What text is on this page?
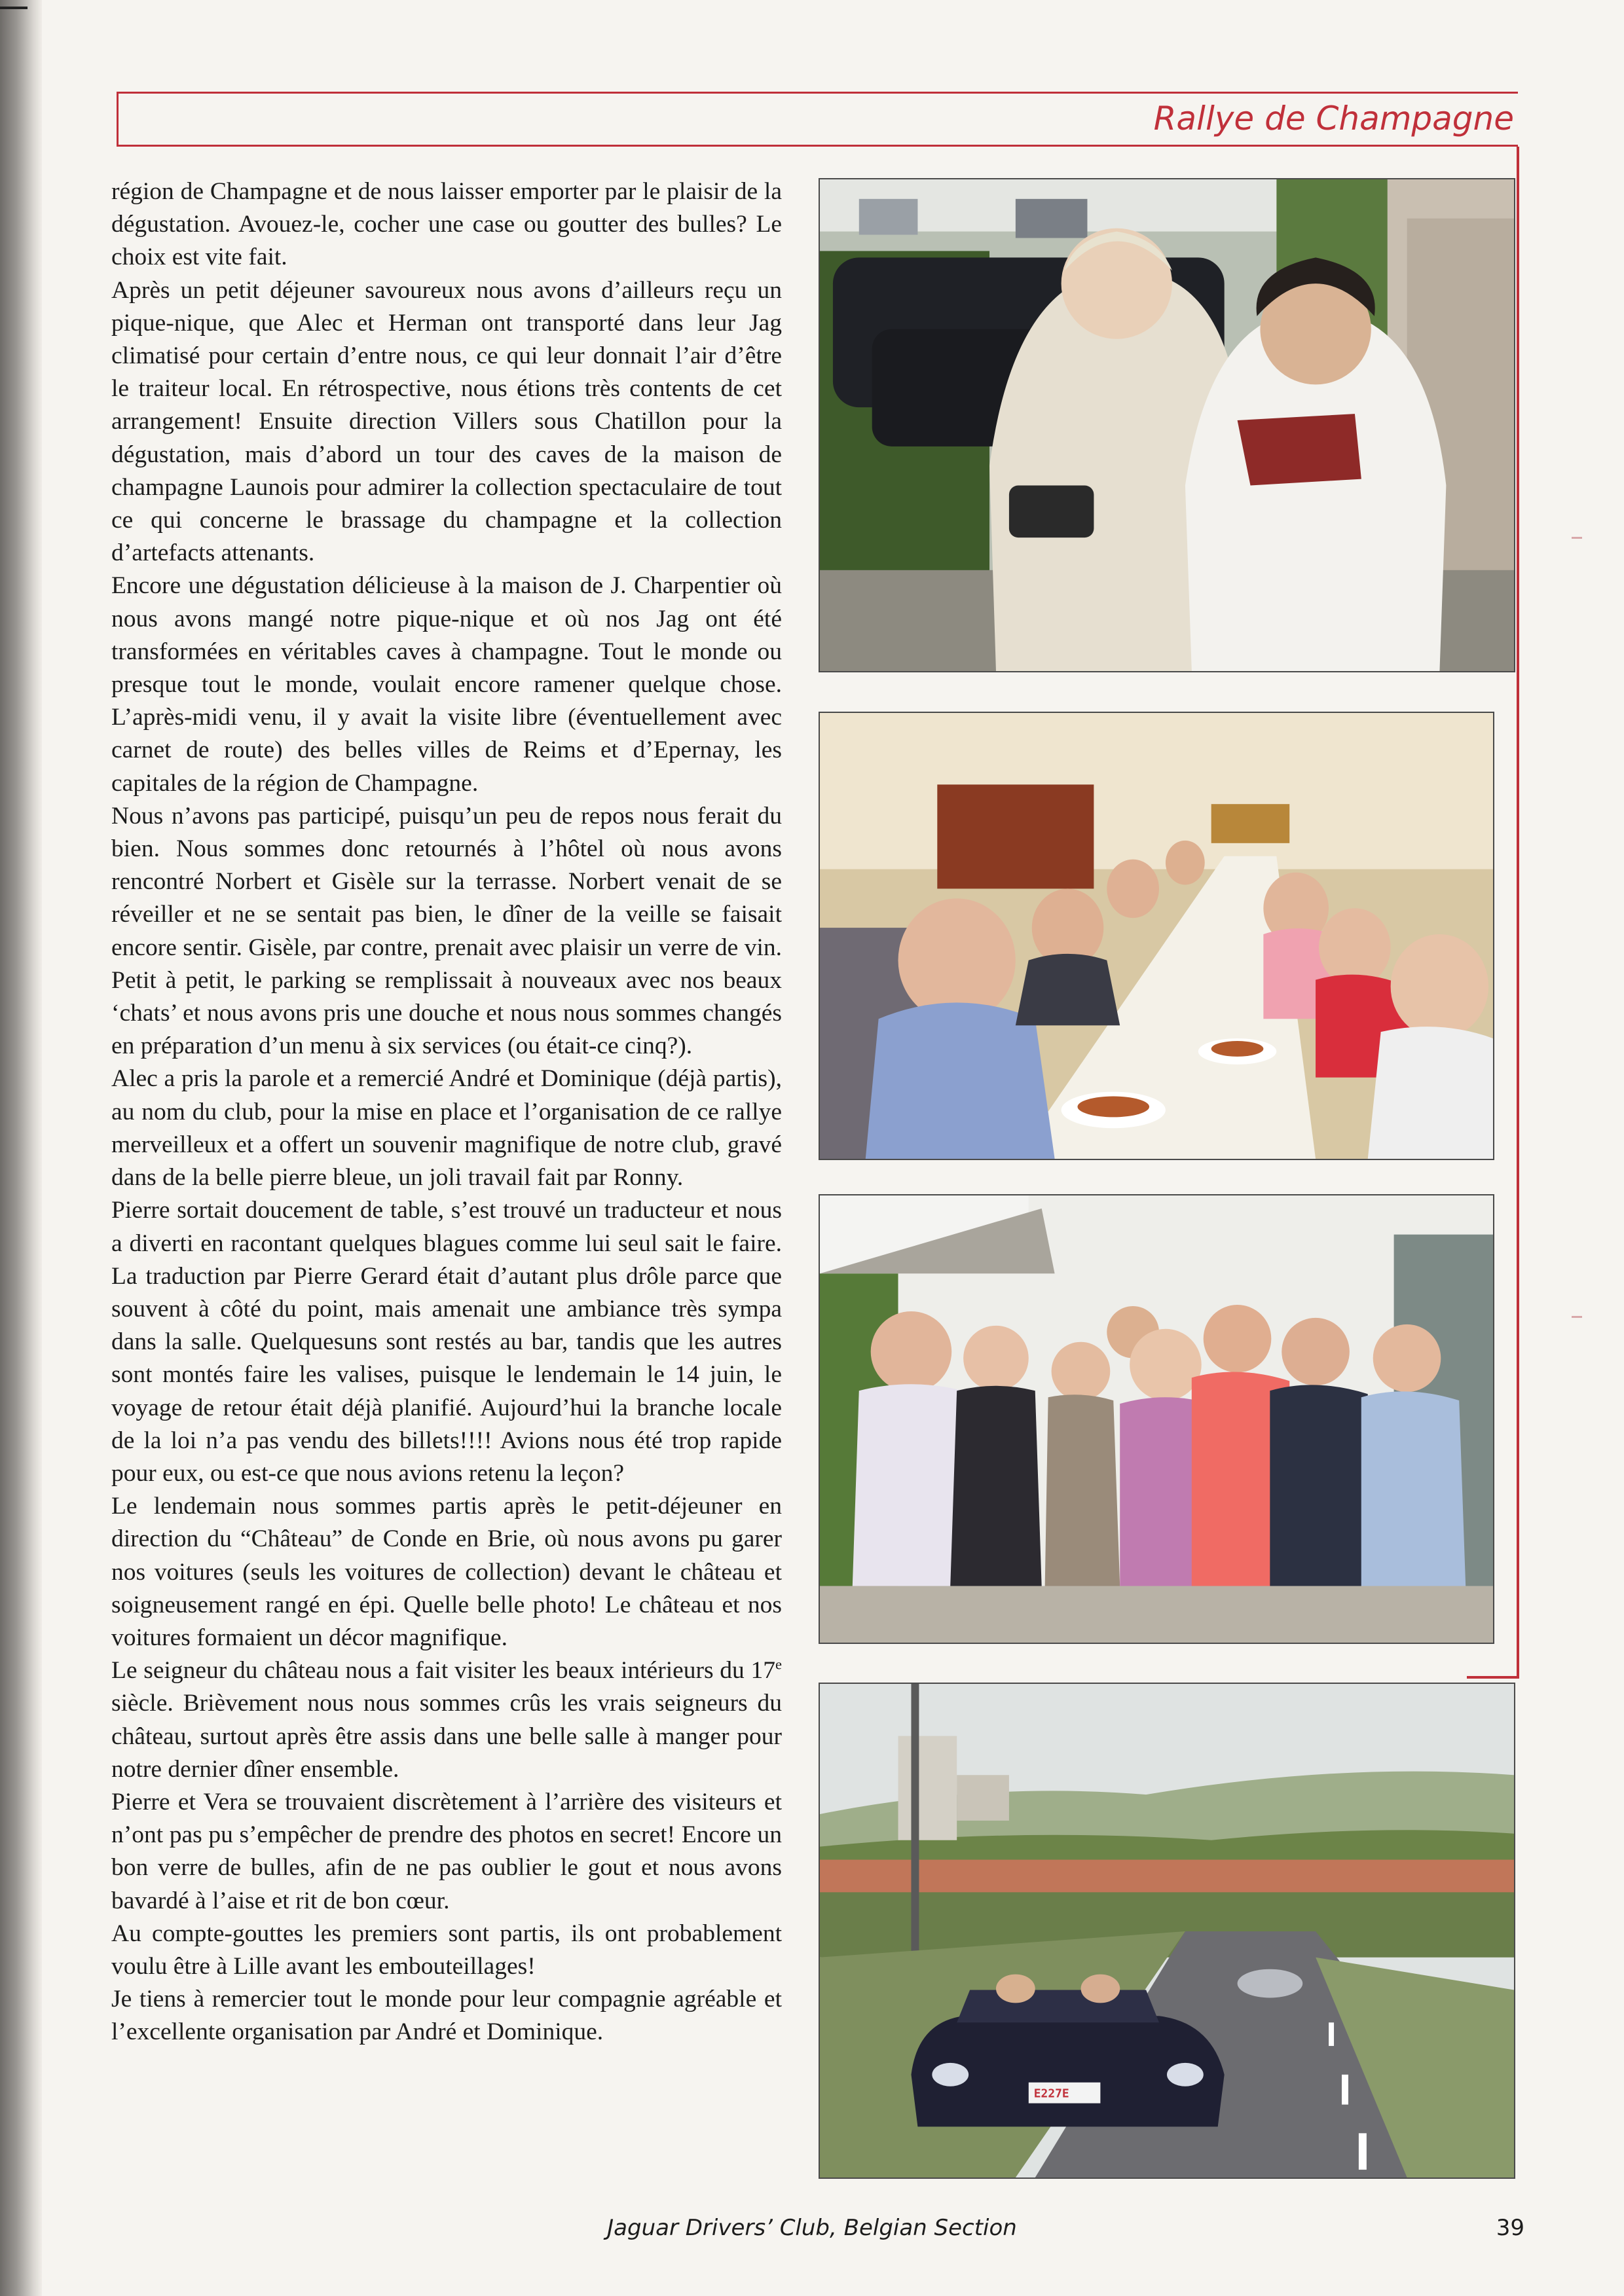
Rallye de Champagne

région de Champagne et de nous laisser emporter par le plaisir de la dégustation. Avouez-le, cocher une case ou goutter des bulles? Le choix est vite fait.

Après un petit déjeuner savoureux nous avons d’ailleurs reçu un pique-nique, que Alec et Herman ont transporté dans leur Jag climatisé pour certain d’entre nous, ce qui leur donnait l’air d’être le traiteur local. En rétrospective, nous étions très contents de cet arrangement! Ensuite direction Villers sous Chatillon pour la dégustation, mais d’abord un tour des caves de la maison de champagne Launois pour admirer la collection spectaculaire de tout ce qui concerne le brassage du champagne et la collection d’artefacts attenants.

Encore une dégustation délicieuse à la maison de J. Charpentier où nous avons mangé notre pique-nique et où nos Jag ont été transformées en véritables caves à champagne. Tout le monde ou presque tout le monde, voulait encore ramener quelque chose. L’après-midi venu, il y avait la visite libre (éventuellement avec carnet de route) des belles villes de Reims et d’Epernay, les capitales de la région de Champagne.

Nous n’avons pas participé, puisqu’un peu de repos nous ferait du bien. Nous sommes donc retournés à l’hôtel où nous avons rencontré Norbert et Gisèle sur la terrasse. Norbert venait de se réveiller et ne se sentait pas bien, le dîner de la veille se faisait encore sentir. Gisèle, par contre, prenait avec plaisir un verre de vin. Petit à petit, le parking se remplissait à nouveaux avec nos beaux ‘chats’ et nous avons pris une douche et nous nous sommes changés en préparation d’un menu à six services (ou était-ce cinq?).

Alec a pris la parole et a remercié André et Dominique (déjà partis), au nom du club, pour la mise en place et l’organisation de ce rallye merveilleux et a offert un souvenir magnifique de notre club, gravé dans de la belle pierre bleue, un joli travail fait par Ronny.

Pierre sortait doucement de table, s’est trouvé un traducteur et nous a diverti en racontant quelques blagues comme lui seul sait le faire. La traduction par Pierre Gerard était d’autant plus drôle parce que souvent à côté du point, mais amenait une ambiance très sympa dans la salle. Quelquesuns sont restés au bar, tandis que les autres sont montés faire les valises, puisque le lendemain le 14 juin, le voyage de retour était déjà planifié. Aujourd’hui la branche locale de la loi n’a pas vendu des billets!!!! Avions nous été trop rapide pour eux, ou est-ce que nous avions retenu la leçon?

Le lendemain nous sommes partis après le petit-déjeuner en direction du “Château” de Conde en Brie, où nous avons pu garer nos voitures (seuls les voitures de collection) devant le château et soigneusement rangé en épi. Quelle belle photo! Le château et nos voitures formaient un décor magnifique.

Le seigneur du château nous a fait visiter les beaux intérieurs du 17e siècle. Brièvement nous nous sommes crûs les vrais seigneurs du château, surtout après être assis dans une belle salle à manger pour notre dernier dîner ensemble.

Pierre et Vera se trouvaient discrètement à l’arrière des visiteurs et n’ont pas pu s’empêcher de prendre des photos en secret! Encore un bon verre de bulles, afin de ne pas oublier le gout et nous avons bavardé à l’aise et rit de bon cœur.

Au compte-gouttes les premiers sont partis, ils ont probablement voulu être à Lille avant les embouteillages!

Je tiens à remercier tout le monde pour leur compagnie agréable et l’excellente organisation par André et Dominique.

E227E
Jaguar Drivers’ Club, Belgian Section	39
